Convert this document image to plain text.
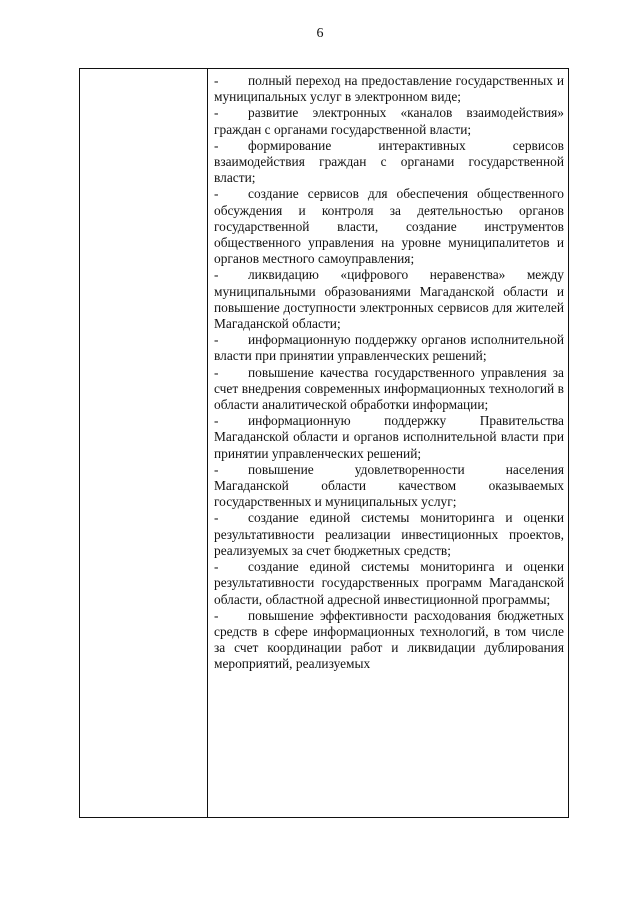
6

- полный переход на предоставление государственных и муниципальных услуг в электронном виде;

- развитие электронных «каналов взаимодействия» граждан с органами государственной власти;

- формирование интерактивных сервисов взаимодействия граждан с органами государственной власти;

- создание сервисов для обеспечения общественного обсуждения и контроля за деятельностью органов государственной власти, создание инструментов общественного управления на уровне муниципалитетов и органов местного самоуправления;

- ликвидацию «цифрового неравенства» между муниципальными образованиями Магаданской области и повышение доступности электронных сервисов для жителей Магаданской области;

- информационную поддержку органов исполнительной власти при принятии управленческих решений;

- повышение качества государственного управления за счет внедрения современных информационных технологий в области аналитической обработки информации;

- информационную поддержку Правительства Магаданской области и органов исполнительной власти при принятии управленческих решений;

- повышение удовлетворенности населения Магаданской области качеством оказываемых государственных и муниципальных услуг;

- создание единой системы мониторинга и оценки результативности реализации инвестиционных проектов, реализуемых за счет бюджетных средств;

- создание единой системы мониторинга и оценки результативности государственных программ Магаданской области, областной адресной инвестиционной программы;

- повышение эффективности расходования бюджетных средств в сфере информационных технологий, в том числе за счет координации работ и ликвидации дублирования мероприятий, реализуемых
